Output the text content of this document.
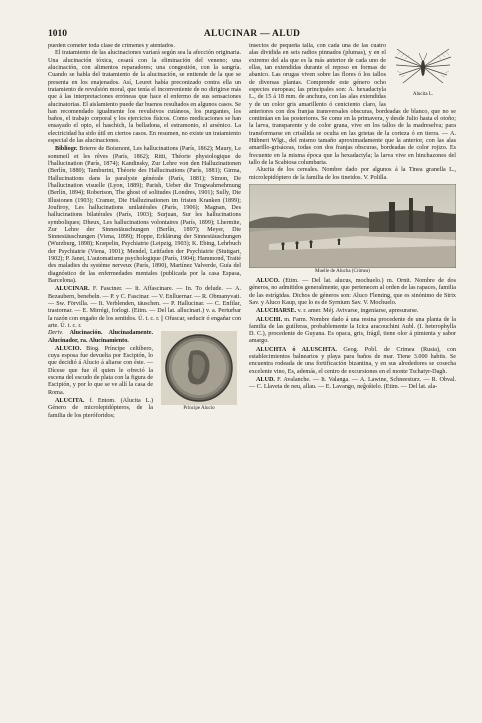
1010	ALUCINAR — ALUD

pueden cometer toda clase de crímenes y atentados.

El tratamiento de las alucinaciones variará según sea la afección originaria. Una alucinación tóxica, cesará con la eliminación del veneno; una alucinación, con alimentos reparadores; una congestión, con la sangría. Cuando se habla del tratamiento de la alucinación, se entiende de la que se presenta en los enajenados. Así, Leuret había preconizado contra ella un tratamiento de revulsión moral, que tenía el inconveniente de no dirigirse más que á las interpretaciones erróneas que hace el enfermo de sus sensaciones alucinatorias. El aislamiento puede dar buenos resultados en algunos casos. Se han recomendado igualmente los revulsivos cutáneos, los purgantes, los baños, el trabajo corporal y los ejercicios físicos. Como medicaciones se han ensayado el opio, el haschich, la belladona, el estramonio, el arsénico. La electricidad ha sido útil en ciertos casos. En resumen, no existe un tratamiento especial de las alucinaciones.

Bibliogr. Brierre de Boismont, Les hallucinations (París, 1862); Maury, Le sommeil et les rêves (París, 1862); Ritti, Théorie physiologique de l'hallucination (París, 1874); Kandinsky, Zur Lehre von den Halluzinationen (Berlín, 1880); Tamburini, Théorie des Hallucinations (París, 1881); Girma, Hallucinations dans la paralysie générale (París, 1881); Simon, De l'hallucination visuelle (Lyon, 1889); Parish, Ueber die Trugwahrnehmung (Berlín, 1894); Robertson, The ghost of solitudes (Londres, 1901); Sully, Die Illusionen (1903); Cramer, Die Halluzinationen im fristen Kranken (1899); Joufiroy, Les hallucinations unilatérales (París, 1906); Magnan, Des hallucinations bilatérales (París, 1903); Surjuan, Sur les hallucinations symboliques; Dheux, Les hallucinations volontaires (París, 1899); Lhermite, Zur Lehre der Sinnestäuschungen (Berlín, 1897); Meyer, Die Sinnestäuschungen (Viena, 1899); Hoppe, Erklärung der Sinnestäuschungen (Wurzburg, 1898); Kræpelin, Psychiatrie (Leipzig, 1903); K. Ebing, Lehrbuch der Psychiatrie (Viena, 1901); Mendel, Leitfaden der Psychiatrie (Stuttgart, 1902); P. Janet, L'automatisme psychologique (París, 1904); Hammond, Traité des maladies du système nerveux (París, 1890), Martínez Valverde, Guía del diagnóstico de las enfermedades mentales (publicada por la casa Espasa, Barcelona).

ALUCINAR. F. Fasciner. — It. Affascinare. — In. To delude. — A. Bezaubern, benebeln. — P. y C. Fascinar. — V. Enlluernar. — R. Obmanyvati. — Sw. Förvilla. — It. Verblenden, täuschen. — P. Hallucinar. — C. Enfilar, trastornar. — E. Mirrégi, forlogi. (Etim. — Del lat. allucinari.) v. a. Perturbar la razón con engaño de los sentidos. Ú. t. c. r. || Ofuscar, seducir ó engañar con arte. Ú. t. c. r.

Príncipe Alucio

Deriv. Alucinación. Alucinadamente. Alucinador, ra. Alucinamiento.

ALUCIO. Biog. Príncipe celtíbero, cuya esposa fue devuelta por Escipión, lo que decidió á Alucio á aliarse con éste. — Dícese que fue él quien le ofreció la escena del escudo de plata con la figura de Escipión, y por lo que se ve allí la casa de Roma.

ALUCITA. f. Entom. (Alucita L.) Género de microlepidópteros, de la familia de los pteróforidos;

Alucita L.

insectos de pequeña talla, con cada una de las cuatro alas dividida en seis radios pinnados (plumas), y en el extremo del ala que es la más anterior de cada uno de ellas, tan extendidas durante el reposo en formas de abanico. Las orugas viven sobre las flores ó los tallos de diversas plantas. Comprende este género ocho especies europeas; las principales son: A. hexadactyla L., de 15 á 18 mm. de anchura, con las alas extendidas y de un color gris amarillento ó ceniciento claro, las anteriores con dos franjas transversales obscuras, bordeadas de blanco, que no se continúan en las posteriores. Se come en la primavera, y desde Julio hasta el otoño; la larva, transparente y de color grana, vive en los tallos de la madreselva; para transformarse en crisálida se oculta en las grietas de la corteza ó en tierra. — A. Hübneri Wlgt., del mismo tamaño aproximadamente que la anterior, con las alas amarillo-grisáceas, todas con dos franjas obscuras, bordeadas de color rojizo. Es frecuente en la misma época que la hexadactyla; la larva vive en hinchazones del tallo de la Scabiosa columbaria.

Alucita de los cereales. Nombre dado por algunos á la Tinea granella L., microlepidóptero de la familia de los tineidos. V. Polilla.

Muelle de Alucha (Crimea)

ALUCO. (Etim. — Del lat. alucus, mochuelo.) m. Ornit. Nombre de dos géneros, no admitidos generalmente, que pertenecen al orden de las rapaces, familia de las estrígidas. Dichos de géneros son: Aluco Fleming, que es sinónimo de Strix Sav. y Aluco Kaup, que lo es de Syrnium Sav. V. Mochuelo.

ALUCHARSE. v. r. amer. Méj. Avivarse, ingeniarse, apresurarse.

ALUCHI. m. Farm. Nombre dado á una resina procedente de una planta de la familia de las gutíferas, probablemente la Icica aracouchini Aubl. (I. heterophylla D. C.), procedente de Guyana. Es opaca, gris, frágil, tiene olor á pimienta y sabor amargo.

ALUCHTA ó ALUSCHTA. Geog. Pobl. de Crimea (Rusia), con establecimientos balnearios y playa para baños de mar. Tiene 3.000 habits. Se encuentra rodeada de una fortificación bizantina, y en sus alrededores se cosecha excelente vino, Es, además, el centro de excursiones en el monte Tschatyr-Dagh.

ALUD. F. Avalanche. — It. Valanga. — A. Lawine, Schneesturz. — R. Obval. — C. Llaveta de neu, allau. — E. Lavango, neĝoŝtelo. (Etim. — Del lat. ala-
